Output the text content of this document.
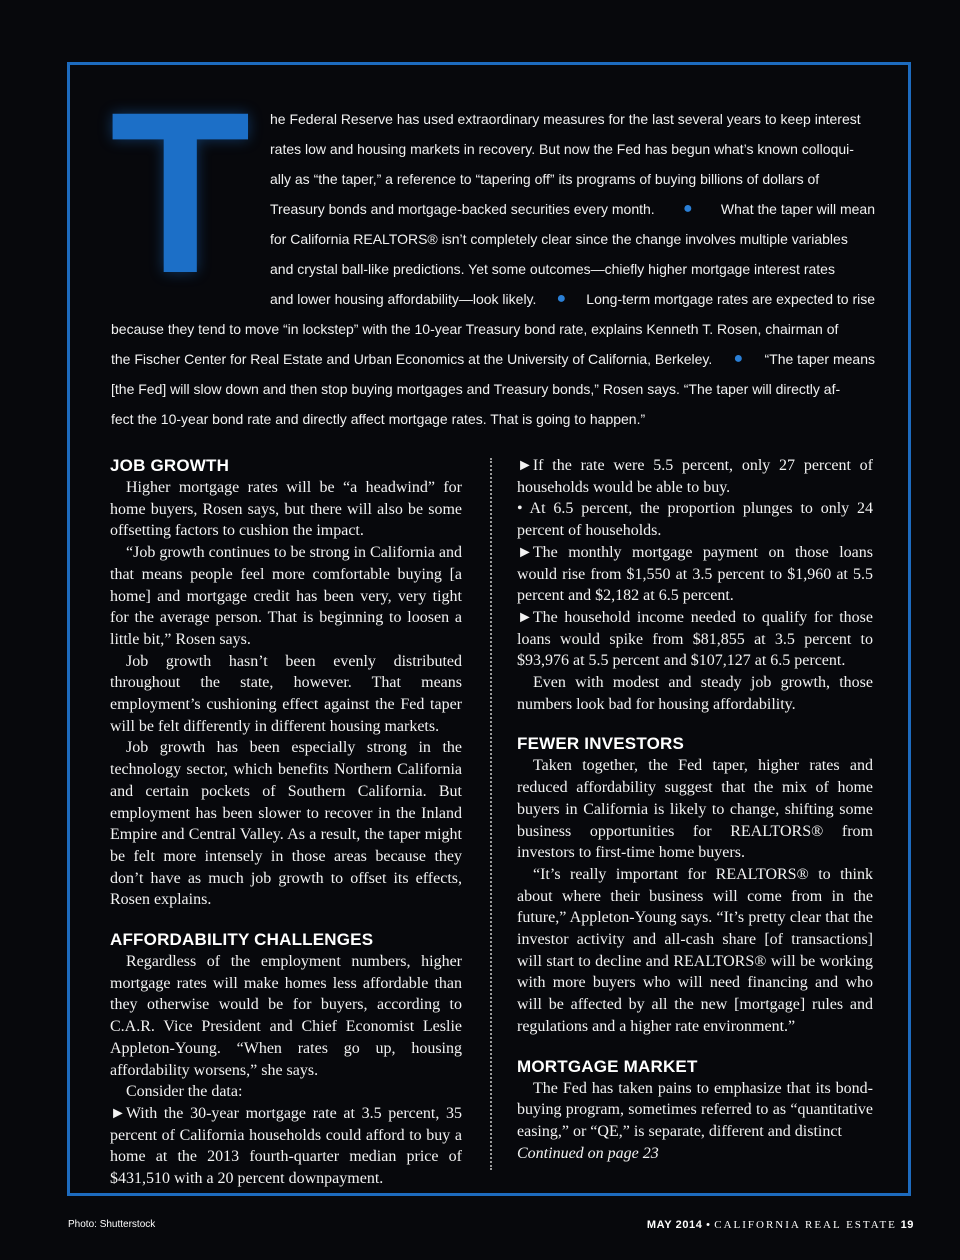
T he Federal Reserve has used extraordinary measures for the last several years to keep interest
rates low and housing markets in recovery. But now the Fed has begun what’s known colloqui-
ally as “the taper,” a reference to “tapering off” its programs of buying billions of dollars of
Treasury bonds and mortgage-backed securities every month. ● What the taper will mean
for California REALTORS® isn’t completely clear since the change involves multiple variables
and crystal ball-like predictions. Yet some outcomes—chiefly higher mortgage interest rates
and lower housing affordability—look likely. ● Long-term mortgage rates are expected to rise
because they tend to move “in lockstep” with the 10-year Treasury bond rate, explains Kenneth T. Rosen, chairman of
the Fischer Center for Real Estate and Urban Economics at the University of California, Berkeley. ● “The taper means
[the Fed] will slow down and then stop buying mortgages and Treasury bonds,” Rosen says. “The taper will directly af-
fect the 10-year bond rate and directly affect mortgage rates. That is going to happen.”
JOB GROWTH

Higher mortgage rates will be “a headwind” for home buyers, Rosen says, but there will also be some offsetting factors to cushion the impact.

“Job growth continues to be strong in California and that means people feel more comfortable buying [a home] and mortgage credit has been very, very tight for the average person. That is beginning to loosen a little bit,” Rosen says.

Job growth hasn’t been evenly distributed throughout the state, however. That means employment’s cushioning effect against the Fed taper will be felt differently in different housing markets.

Job growth has been especially strong in the technology sector, which benefits Northern California and certain pockets of Southern California. But employment has been slower to recover in the Inland Empire and Central Valley. As a result, the taper might be felt more intensely in those areas because they don’t have as much job growth to offset its effects, Rosen explains.

AFFORDABILITY CHALLENGES

Regardless of the employment numbers, higher mortgage rates will make homes less affordable than they otherwise would be for buyers, according to C.A.R. Vice President and Chief Economist Leslie Appleton-Young. “When rates go up, housing affordability worsens,” she says.

Consider the data:

►With the 30-year mortgage rate at 3.5 percent, 35 percent of California households could afford to buy a home at the 2013 fourth-quarter median price of $431,510 with a 20 percent downpayment.

►If the rate were 5.5 percent, only 27 percent of households would be able to buy.

• At 6.5 percent, the proportion plunges to only 24 percent of households.

►The monthly mortgage payment on those loans would rise from $1,550 at 3.5 percent to $1,960 at 5.5 percent and $2,182 at 6.5 percent.

►The household income needed to qualify for those loans would spike from $81,855 at 3.5 percent to $93,976 at 5.5 percent and $107,127 at 6.5 percent.

Even with modest and steady job growth, those numbers look bad for housing affordability.

FEWER INVESTORS

Taken together, the Fed taper, higher rates and reduced affordability suggest that the mix of home buyers in California is likely to change, shifting some business opportunities for REALTORS® from investors to first-time home buyers.

“It’s really important for REALTORS® to think about where their business will come from in the future,” Appleton-Young says. “It’s pretty clear that the investor activity and all-cash share [of transactions] will start to decline and REALTORS® will be working with more buyers who will need financing and who will be affected by all the new [mortgage] rules and regulations and a higher rate environment.”

MORTGAGE MARKET

The Fed has taken pains to emphasize that its bond-buying program, sometimes referred to as “quantitative easing,” or “QE,” is separate, different and distinct

Continued on page 23

Photo: Shutterstock	MAY 2014 • CALIFORNIA REAL ESTATE 19
